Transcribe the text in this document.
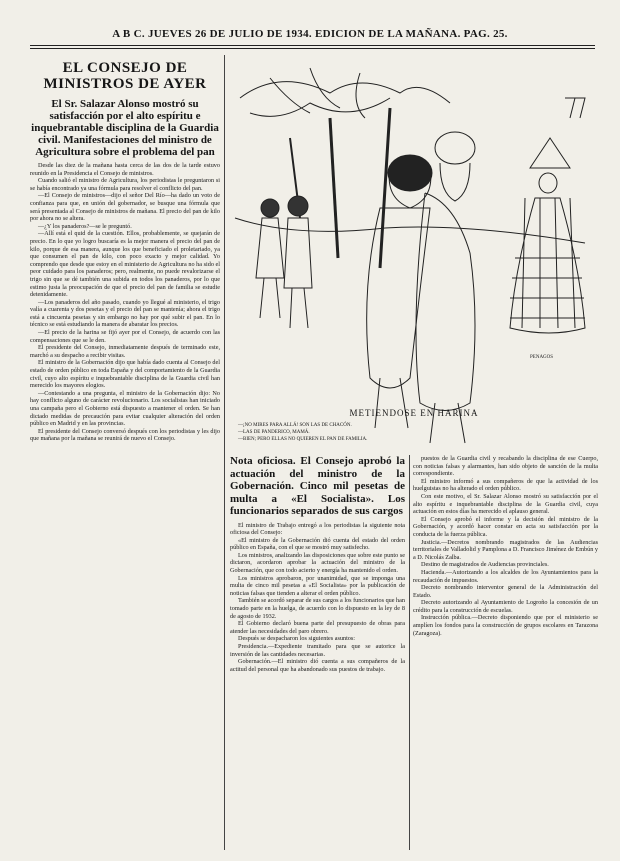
A B C. JUEVES 26 DE JULIO DE 1934. EDICION DE LA MAÑANA. PAG. 25.
EL CONSEJO DE MINISTROS DE AYER
El Sr. Salazar Alonso mostró su satisfacción por el alto espíritu e inquebrantable disciplina de la Guardia civil. Manifestaciones del ministro de Agricultura sobre el problema del pan

Desde las diez de la mañana hasta cerca de las dos de la tarde estuvo reunido en la Presidencia el Consejo de ministros.

Cuando salió el ministro de Agricultura, los periodistas le preguntaron si se había encontrado ya una fórmula para resolver el conflicto del pan.

—El Consejo de ministros—dijo el señor Del Río—ha dado un voto de confianza para que, en unión del gobernador, se busque una fórmula que será presentada al Consejo de ministros de mañana. El precio del pan de kilo por ahora no se altera.

—¿Y los panaderos?—se le preguntó.

—Allí está el quid de la cuestión. Ellos, probablemente, se quejarán de precio. En lo que yo logro buscaría es la mejor manera el precio del pan de kilo, porque de esa manera, aunque los que beneficiado el proletariado, ya que consumen el pan de kilo, con poco exacto y mejor calidad. Yo comprendo que desde que estoy en el ministerio de Agricultura no ha sido el peor cuidado para los panaderos; pero, realmente, no puede revalorizarse el trigo sin que se dé también una subida en todos los panaderos, por lo que estimo justa la preocupación de que el precio del pan de familia se estudie detenidamente.

—Los panaderos del año pasado, cuando yo llegué al ministerio, el trigo valía a cuarenta y dos pesetas y el precio del pan se mantenía; ahora el trigo está a cincuenta pesetas y sin embargo no hay por qué subir el pan. En lo técnico se está estudiando la manera de abaratar los precios.

—El precio de la harina se fijó ayer por el Consejo, de acuerdo con las compensaciones que se le den.

El presidente del Consejo, inmediatamente después de terminado este, marchó a su despacho a recibir visitas.

El ministro de la Gobernación dijo que había dado cuenta al Consejo del estado de orden público en toda España y del comportamiento de la Guardia civil, cuyo alto espíritu e inquebrantable disciplina de la Guardia civil han merecido los mayores elogios.

—Contestando a una pregunta, el ministro de la Gobernación dijo: No hay conflicto alguno de carácter revolucionario. Los socialistas han iniciado una campaña pero el Gobierno está dispuesto a mantener el orden. Se han dictado medidas de precaución para evitar cualquier alteración del orden público en Madrid y en las provincias.

El presidente del Consejo conversó después con los periodistas y les dijo que mañana por la mañana se reunirá de nuevo el Consejo.

PENAGOS
METIENDOSE EN HARINA
—¡NO MIRES PARA ALLÁ! SON LAS DE CHACÓN.
—LAS DE PANDERICO, MAMÁ.
—BIEN; PERO ELLAS NO QUIEREN EL PAN DE FAMILIA.
Nota oficiosa. El Consejo aprobó la actuación del ministro de la Gobernación. Cinco mil pesetas de multa a «El Socialista». Los funcionarios separados de sus cargos

El ministro de Trabajo entregó a los periodistas la siguiente nota oficiosa del Consejo:

«El ministro de la Gobernación dió cuenta del estado del orden público en España, con el que se mostró muy satisfecho.

Los ministros, analizando las disposiciones que sobre este punto se dictaron, acordaron aprobar la actuación del ministro de la Gobernación, que con todo acierto y energía ha mantenido el orden.

Los ministros aprobaron, por unanimidad, que se imponga una multa de cinco mil pesetas a «El Socialista» por la publicación de noticias falsas que tienden a alterar el orden público.

También se acordó separar de sus cargos a los funcionarios que han tomado parte en la huelga, de acuerdo con lo dispuesto en la ley de 8 de agosto de 1932.

El Gobierno declaró buena parte del presupuesto de obras para atender las necesidades del paro obrero.

Después se despacharon los siguientes asuntos:

Presidencia.—Expediente tramitado para que se autorice la inversión de las cantidades necesarias.

Gobernación.—El ministro dió cuenta a sus compañeros de la actitud del personal que ha abandonado sus puestos de trabajo.

puestos de la Guardia civil y recabando la disciplina de ese Cuerpo, con noticias falsas y alarmantes, han sido objeto de sanción de la multa correspondiente.

El ministro informó a sus compañeros de que la actividad de los huelguistas no ha alterado el orden público.

Con este motivo, el Sr. Salazar Alonso mostró su satisfacción por el alto espíritu e inquebrantable disciplina de la Guardia civil, cuya actuación en estos días ha merecido el aplauso general.

El Consejo aprobó el informe y la decisión del ministro de la Gobernación, y acordó hacer constar en acta su satisfacción por la conducta de la fuerza pública.

Justicia.—Decretos nombrando magistrados de las Audiencias territoriales de Valladolid y Pamplona a D. Francisco Jiménez de Embún y a D. Nicolás Zalba.

Destino de magistrados de Audiencias provinciales.

Hacienda.—Autorizando a los alcaldes de los Ayuntamientos para la recaudación de impuestos.

Decreto nombrando interventor general de la Administración del Estado.

Decreto autorizando al Ayuntamiento de Logroño la concesión de un crédito para la construcción de escuelas.

Instrucción pública.—Decreto disponiendo que por el ministerio se amplíen los fondos para la construcción de grupos escolares en Tarazona (Zaragoza).
